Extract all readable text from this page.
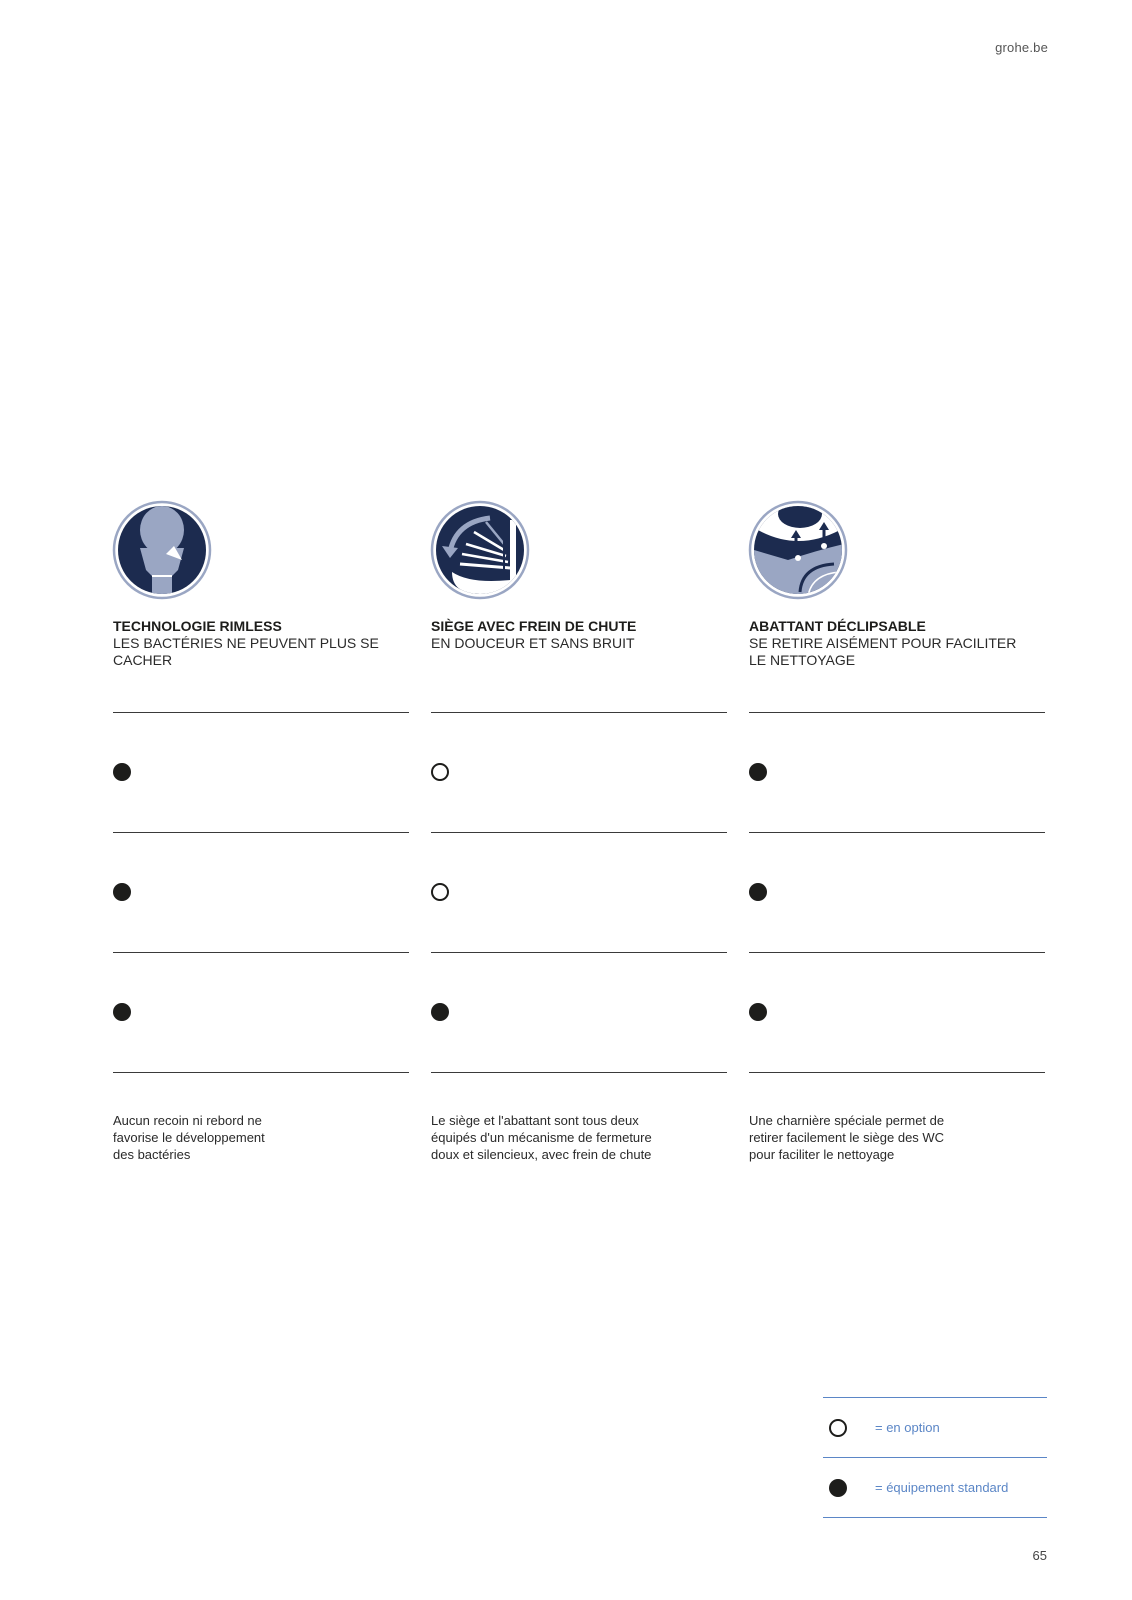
grohe.be
TECHNOLOGIE RIMLESS
LES BACTÉRIES NE PEUVENT PLUS SE CACHER
SIÈGE AVEC FREIN DE CHUTE
EN DOUCEUR ET SANS BRUIT
ABATTANT DÉCLIPSABLE
SE RETIRE AISÉMENT POUR FACILITER LE NETTOYAGE
Aucun recoin ni rebord ne favorise le développement des bactéries
Le siège et l'abattant sont tous deux équipés d'un mécanisme de fermeture doux et silencieux, avec frein de chute
Une charnière spéciale permet de retirer facilement le siège des WC pour faciliter le nettoyage
= en option
= équipement standard
65
